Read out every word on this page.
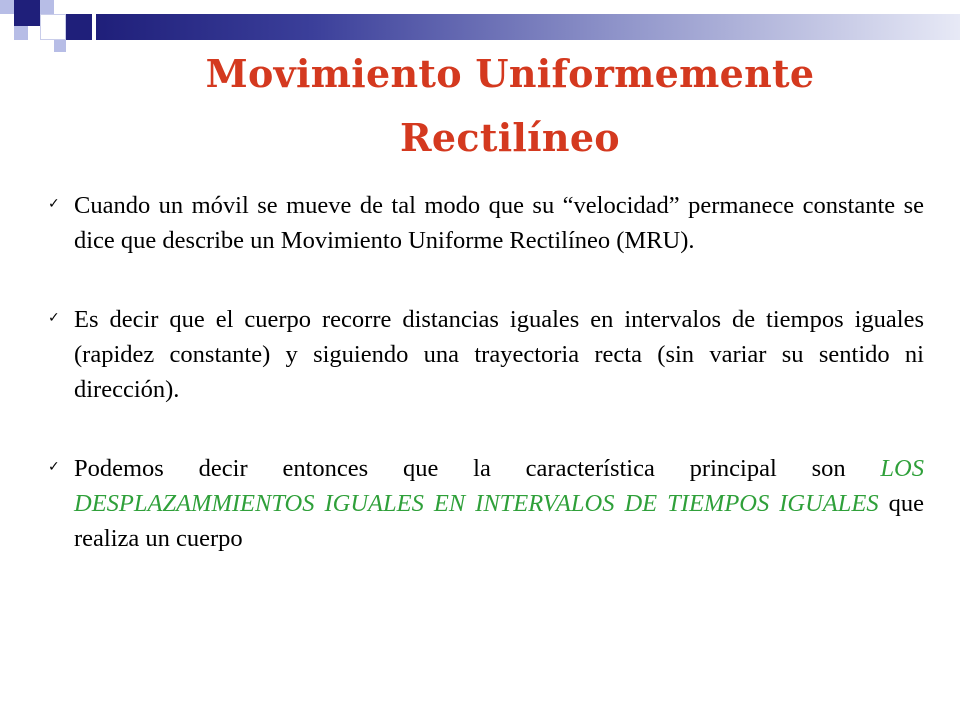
Movimiento Uniformemente
Rectilíneo
✓ Cuando un móvil se mueve de tal modo que su “velocidad” permanece constante se dice que describe un Movimiento Uniforme Rectilíneo (MRU).
✓ Es decir que el cuerpo recorre distancias iguales en intervalos de tiempos iguales (rapidez constante) y siguiendo una trayectoria recta (sin variar su sentido ni dirección).
✓ Podemos decir entonces que la característica principal son LOS DESPLAZAMMIENTOS IGUALES EN INTERVALOS DE TIEMPOS IGUALES que realiza un cuerpo
